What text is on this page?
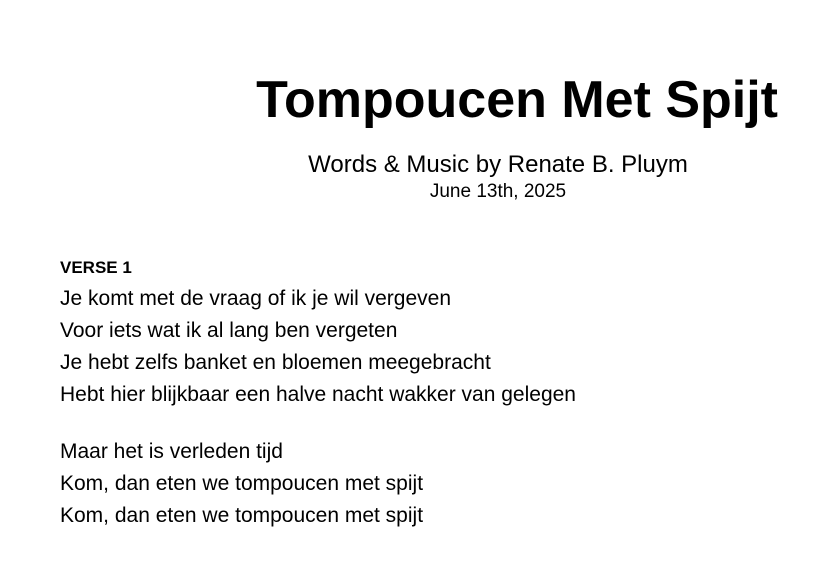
Tompoucen Met Spijt
Words & Music by Renate B. Pluym
June 13th, 2025
VERSE 1
Je komt met de vraag of ik je wil vergeven
Voor iets wat ik al lang ben vergeten
Je hebt zelfs banket en bloemen meegebracht
Hebt hier blijkbaar een halve nacht wakker van gelegen
Maar het is verleden tijd
Kom, dan eten we tompoucen met spijt
Kom, dan eten we tompoucen met spijt
